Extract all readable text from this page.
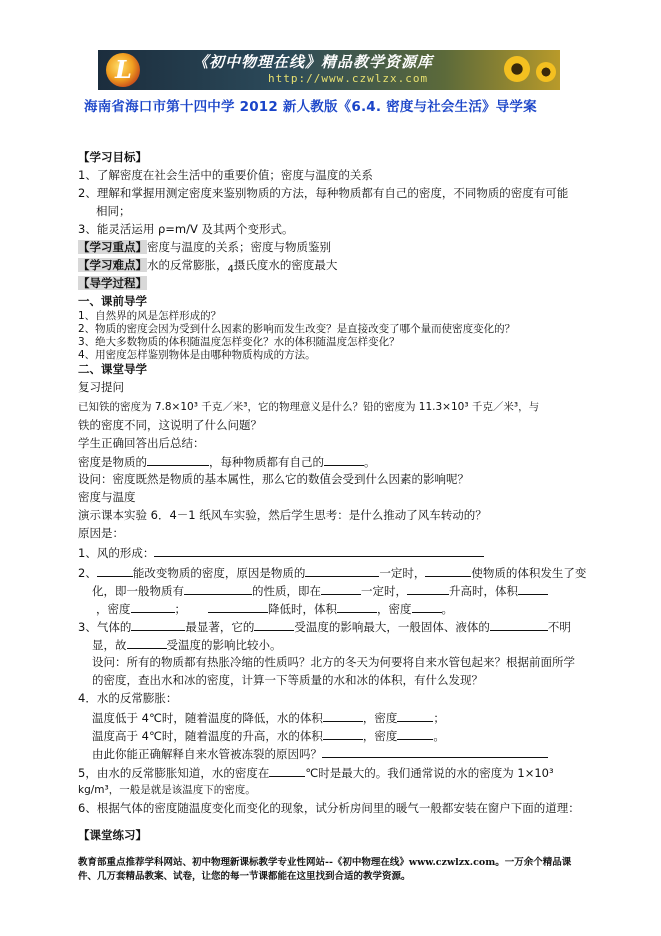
L	《初中物理在线》精品教学资源库
http://www.czwlzx.com
海南省海口市第十四中学 2012 新人教版《6.4. 密度与社会生活》导学案
【学习目标】
1、了解密度在社会生活中的重要价值；密度与温度的关系
2、理解和掌握用测定密度来鉴别物质的方法，每种物质都有自己的密度，不同物质的密度有可能
相同；
3、能灵活运用 ρ=m/V 及其两个变形式。
【学习重点】密度与温度的关系；密度与物质鉴别
【学习难点】水的反常膨胀，4摄氏度水的密度最大
【导学过程】
一、课前导学
1、自然界的风是怎样形成的？
2、物质的密度会因为受到什么因素的影响而发生改变？是直接改变了哪个量而使密度变化的？
3、绝大多数物质的体积随温度怎样变化？水的体积随温度怎样变化？
4、用密度怎样鉴别物体是由哪种物质构成的方法。
二、课堂导学
复习提问
已知铁的密度为 7.8×10³ 千克／米³，它的物理意义是什么？铅的密度为 11.3×10³ 千克／米³，与
铁的密度不同，这说明了什么问题？
学生正确回答出后总结：
密度是物质的	，每种物质都有自己的	。
设问：密度既然是物质的基本属性，那么它的数值会受到什么因素的影响呢？
密度与温度
演示课本实验 6．4－1 纸风车实验，然后学生思考：是什么推动了风车转动的？
原因是：
1、风的形成：
2、	能改变物质的密度，原因是物质的	一定时，	使物质的体积发生了变
化，即一般物质有	的性质，即在	一定时，	升高时，体积
，密度	；	降低时，体积	，密度	。
3、气体的	最显著，它的	受温度的影响最大，一般固体、液体的	不明
显，故	受温度的影响比较小。
设问：所有的物质都有热胀冷缩的性质吗？北方的冬天为何要将自来水管包起来？根据前面所学
的密度，查出水和冰的密度，计算一下等质量的水和冰的体积，有什么发现？
4．水的反常膨胀：
温度低于 4℃时，随着温度的降低，水的体积	，密度	；
温度高于 4℃时，随着温度的升高，水的体积	，密度	。
由此你能正确解释自来水管被冻裂的原因吗？
5，由水的反常膨胀知道，水的密度在	℃时是最大的。我们通常说的水的密度为 1×10³
kg/m³，一般是就是该温度下的密度。
6、根据气体的密度随温度变化而变化的现象，试分析房间里的暖气一般都安装在窗户下面的道理：
【课堂练习】
教育部重点推荐学科网站、初中物理新课标教学专业性网站--《初中物理在线》www.czwlzx.com。一万余个精品课
件、几万套精品教案、试卷，让您的每一节课都能在这里找到合适的教学资源。
